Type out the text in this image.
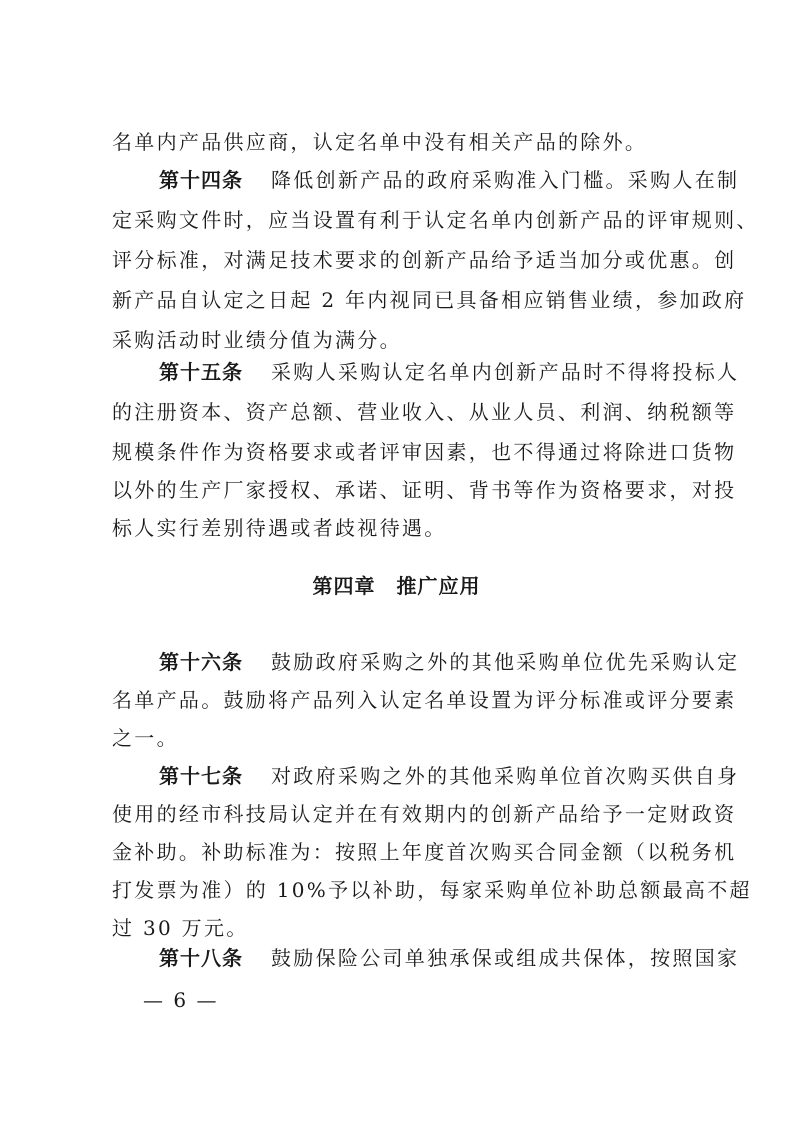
名单内产品供应商，认定名单中没有相关产品的除外。
第十四条 降低创新产品的政府采购准入门槛。采购人在制
定采购文件时，应当设置有利于认定名单内创新产品的评审规则、
评分标准，对满足技术要求的创新产品给予适当加分或优惠。创
新产品自认定之日起 2 年内视同已具备相应销售业绩，参加政府
采购活动时业绩分值为满分。
第十五条 采购人采购认定名单内创新产品时不得将投标人
的注册资本、资产总额、营业收入、从业人员、利润、纳税额等
规模条件作为资格要求或者评审因素，也不得通过将除进口货物
以外的生产厂家授权、承诺、证明、背书等作为资格要求，对投
标人实行差别待遇或者歧视待遇。
第四章　推广应用
第十六条 鼓励政府采购之外的其他采购单位优先采购认定
名单产品。鼓励将产品列入认定名单设置为评分标准或评分要素
之一。
第十七条 对政府采购之外的其他采购单位首次购买供自身
使用的经市科技局认定并在有效期内的创新产品给予一定财政资
金补助。补助标准为：按照上年度首次购买合同金额（以税务机
打发票为准）的 10%予以补助，每家采购单位补助总额最高不超
过 30 万元。
第十八条 鼓励保险公司单独承保或组成共保体，按照国家
— 6 —
